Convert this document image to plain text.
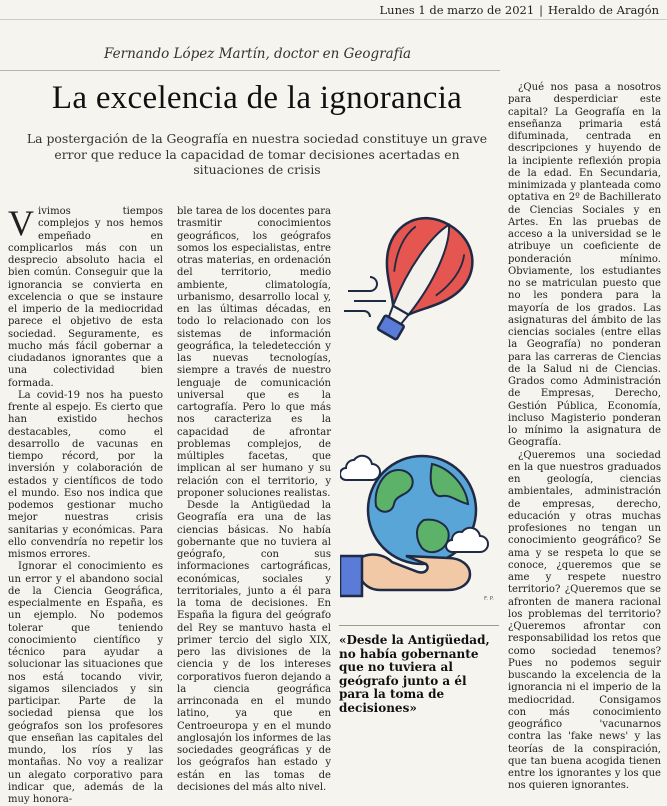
Lunes 1 de marzo de 2021 | Heraldo de Aragón
Fernando López Martín, doctor en Geografía
La excelencia de la ignorancia
La postergación de la Geografía en nuestra sociedad constituye un grave error que reduce la capacidad de tomar decisiones acertadas en situaciones de crisis

Vivimos tiempos complejos y nos hemos empeñado en complicarlos más con un desprecio absoluto hacia el bien común. Conseguir que la ignorancia se convierta en excelencia o que se instaure el imperio de la mediocridad parece el objetivo de esta sociedad. Seguramente, es mucho más fácil gobernar a ciudadanos ignorantes que a una colectividad bien formada.

La covid-19 nos ha puesto frente al espejo. Es cierto que han existido hechos destacables, como el desarrollo de vacunas en tiempo récord, por la inversión y colaboración de estados y científicos de todo el mundo. Eso nos indica que podemos gestionar mucho mejor nuestras crisis sanitarias y económicas. Para ello convendría no repetir los mismos errores.

Ignorar el conocimiento es un error y el abandono social de la Ciencia Geográfica, especialmente en España, es un ejemplo. No podemos tolerar que teniendo conocimiento científico y técnico para ayudar a solucionar las situaciones que nos está tocando vivir, sigamos silenciados y sin participar. Parte de la sociedad piensa que los geógrafos son los profesores que enseñan las capitales del mundo, los ríos y las montañas. No voy a realizar un alegato corporativo para indicar que, además de la muy honora-

ble tarea de los docentes para trasmitir conocimientos geográficos, los geógrafos somos los especialistas, entre otras materias, en ordenación del territorio, medio ambiente, climatología, urbanismo, desarrollo local y, en las últimas décadas, en todo lo relacionado con los sistemas de información geográfica, la teledetección y las nuevas tecnologías, siempre a través de nuestro lenguaje de comunicación universal que es la cartografía. Pero lo que más nos caracteriza es la capacidad de afrontar problemas complejos, de múltiples facetas, que implican al ser humano y su relación con el territorio, y proponer soluciones realistas.

Desde la Antigüedad la Geografía era una de las ciencias básicas. No había gobernante que no tuviera al geógrafo, con sus informaciones cartográficas, económicas, sociales y territoriales, junto a él para la toma de decisiones. En España la figura del geógrafo del Rey se mantuvo hasta el primer tercio del siglo XIX, pero las divisiones de la ciencia y de los intereses corporativos fueron dejando a la ciencia geográfica arrinconada en el mundo latino, ya que en Centroeuropa y en el mundo anglosajón los informes de las sociedades geográficas y de los geógrafos han estado y están en las tomas de decisiones del más alto nivel.

¿Qué nos pasa a nosotros para desperdiciar este capital? La Geografía en la enseñanza primaria está difuminada, centrada en descripciones y huyendo de la incipiente reflexión propia de la edad. En Secundaria, minimizada y planteada como optativa en 2º de Bachillerato de Ciencias Sociales y en Artes. En las pruebas de acceso a la universidad se le atribuye un coeficiente de ponderación mínimo. Obviamente, los estudiantes no se matriculan puesto que no les pondera para la mayoría de los grados. Las asignaturas del ámbito de las ciencias sociales (entre ellas la Geografía) no ponderan para las carreras de Ciencias de la Salud ni de Ciencias. Grados como Administración de Empresas, Derecho, Gestión Pública, Economía, incluso Magisterio ponderan lo mínimo la asignatura de Geografía.

¿Queremos una sociedad en la que nuestros graduados en geología, ciencias ambientales, administración de empresas, derecho, educación y otras muchas profesiones no tengan un conocimiento geográfico? Se ama y se respeta lo que se conoce, ¿queremos que se ame y respete nuestro territorio? ¿Queremos que se afronten de manera racional los problemas del territorio? ¿Queremos afrontar con responsabilidad los retos que como sociedad tenemos? Pues no podemos seguir buscando la excelencia de la ignorancia ni el imperio de la mediocridad. Consigamos con más conocimiento geográfico 'vacunarnos contra las 'fake news' y las teorías de la conspiración, que tan buena acogida tienen entre los ignorantes y los que nos quieren ignorantes.

F. P.
«Desde la Antigüedad, no había gobernante que no tuviera al geógrafo junto a él para la toma de decisiones»
